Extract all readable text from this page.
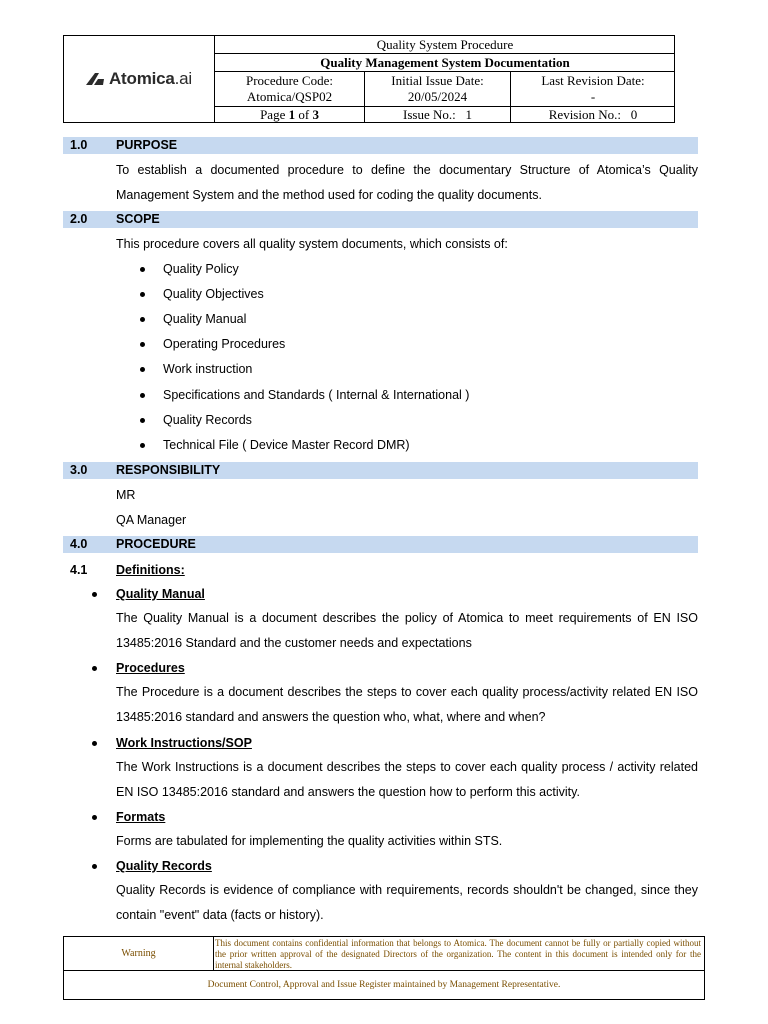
Atomica .ai
Quality System Procedure
Quality Management System Documentation
Procedure Code:
Atomica/QSP02
Initial Issue Date:
20/05/2024
Last Revision Date:
-
Page 1 of 3	Issue No.: 1	Revision No.: 0
1.0 PURPOSE
To establish a documented procedure to define the documentary Structure of Atomica’s Quality Management System and the method used for coding the quality documents.
2.0 SCOPE
This procedure covers all quality system documents, which consists of:
Quality Policy
Quality Objectives
Quality Manual
Operating Procedures
Work instruction
Specifications and Standards ( Internal & International )
Quality Records
Technical File ( Device Master Record DMR)
3.0 RESPONSIBILITY
MR
QA Manager
4.0 PROCEDURE
4.1 Definitions:
Quality Manual
The Quality Manual is a document describes the policy of Atomica to meet requirements of EN ISO 13485:2016 Standard and the customer needs and expectations
Procedures
The Procedure is a document describes the steps to cover each quality process/activity related EN ISO 13485:2016 standard and answers the question who, what, where and when?
Work Instructions/SOP
The Work Instructions is a document describes the steps to cover each quality process / activity related EN ISO 13485:2016 standard and answers the question how to perform this activity.
Formats
Forms are tabulated for implementing the quality activities within STS.
Quality Records
Quality Records is evidence of compliance with requirements, records shouldn't be changed, since they contain "event" data (facts or history).
Warning
This document contains confidential information that belongs to Atomica. The document cannot be fully or partially copied without the prior written approval of the designated Directors of the organization. The content in this document is intended only for the internal stakeholders.
Document Control, Approval and Issue Register maintained by Management Representative.
